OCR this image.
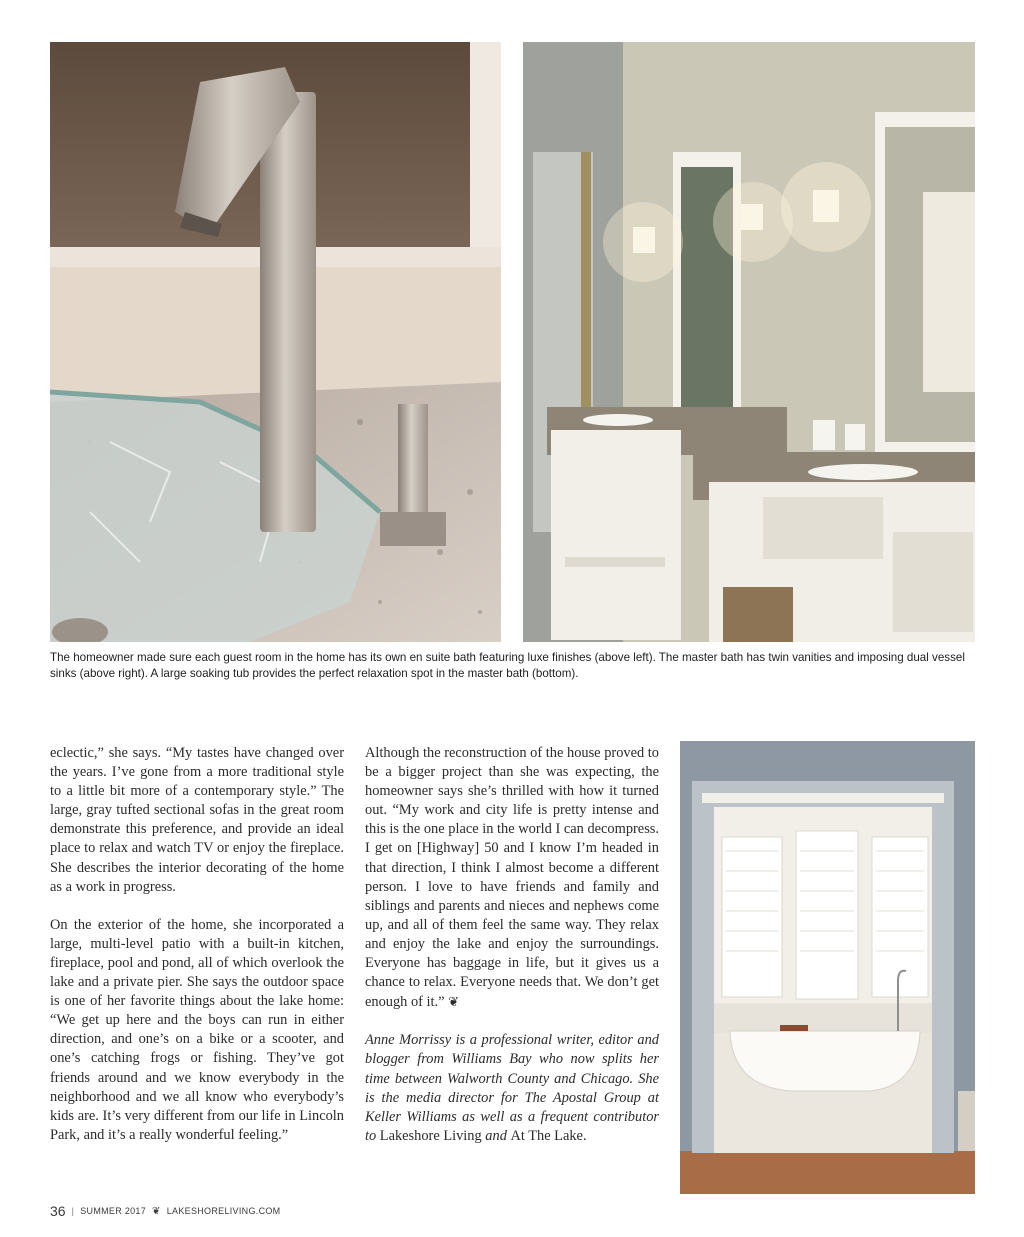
The homeowner made sure each guest room in the home has its own en suite bath featuring luxe finishes (above left). The master bath has twin vanities and imposing dual vessel sinks (above right). A large soaking tub provides the perfect relaxation spot in the master bath (bottom).

eclectic,” she says. “My tastes have changed over the years. I’ve gone from a more traditional style to a little bit more of a contemporary style.” The large, gray tufted sectional sofas in the great room demonstrate this preference, and provide an ideal place to relax and watch TV or enjoy the fireplace. She describes the interior decorating of the home as a work in progress.

On the exterior of the home, she incorporated a large, multi-level patio with a built-in kitchen, fireplace, pool and pond, all of which overlook the lake and a private pier. She says the outdoor space is one of her favorite things about the lake home: “We get up here and the boys can run in either direction, and one’s on a bike or a scooter, and one’s catching frogs or fishing. They’ve got friends around and we know everybody in the neighborhood and we all know who everybody’s kids are. It’s very different from our life in Lincoln Park, and it’s a really wonderful feeling.”

Although the reconstruction of the house proved to be a bigger project than she was expecting, the homeowner says she’s thrilled with how it turned out. “My work and city life is pretty intense and this is the one place in the world I can decompress. I get on [Highway] 50 and I know I’m headed in that direction, I think I almost become a different person. I love to have friends and family and siblings and parents and nieces and nephews come up, and all of them feel the same way. They relax and enjoy the lake and enjoy the surroundings. Everyone has baggage in life, but it gives us a chance to relax. Everyone needs that. We don’t get enough of it.” ❦

Anne Morrissy is a professional writer, editor and blogger from Williams Bay who now splits her time between Walworth County and Chicago. She is the media director for The Apostal Group at Keller Williams as well as a frequent contributor to Lakeshore Living and At The Lake.

36 | SUMMER 2017 ❦ LAKESHORELIVING.COM
